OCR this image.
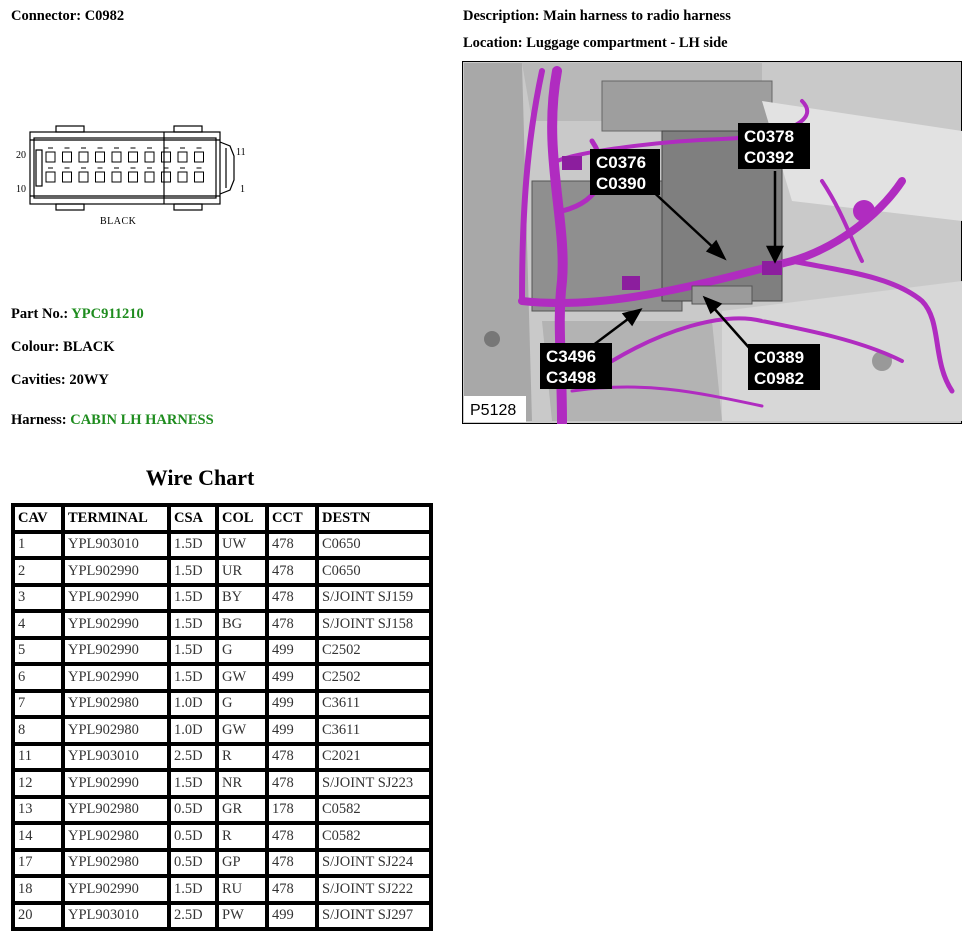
Connector: C0982	Description: Main harness to radio harness
Location: Luggage compartment - LH side
20
10
11
1
BLACK
Part No.: YPC911210
Colour: BLACK
Cavities: 20WY
Harness: CABIN LH HARNESS
C0376
C0390
C0378
C0392
C3496
C3498
C0389
C0982
P5128
Wire Chart
CAV	TERMINAL	CSA	COL	CCT	DESTN
1	YPL903010	1.5D	UW	478	C0650
2	YPL902990	1.5D	UR	478	C0650
3	YPL902990	1.5D	BY	478	S/JOINT SJ159
4	YPL902990	1.5D	BG	478	S/JOINT SJ158
5	YPL902990	1.5D	G	499	C2502
6	YPL902990	1.5D	GW	499	C2502
7	YPL902980	1.0D	G	499	C3611
8	YPL902980	1.0D	GW	499	C3611
11	YPL903010	2.5D	R	478	C2021
12	YPL902990	1.5D	NR	478	S/JOINT SJ223
13	YPL902980	0.5D	GR	178	C0582
14	YPL902980	0.5D	R	478	C0582
17	YPL902980	0.5D	GP	478	S/JOINT SJ224
18	YPL902990	1.5D	RU	478	S/JOINT SJ222
20	YPL903010	2.5D	PW	499	S/JOINT SJ297
